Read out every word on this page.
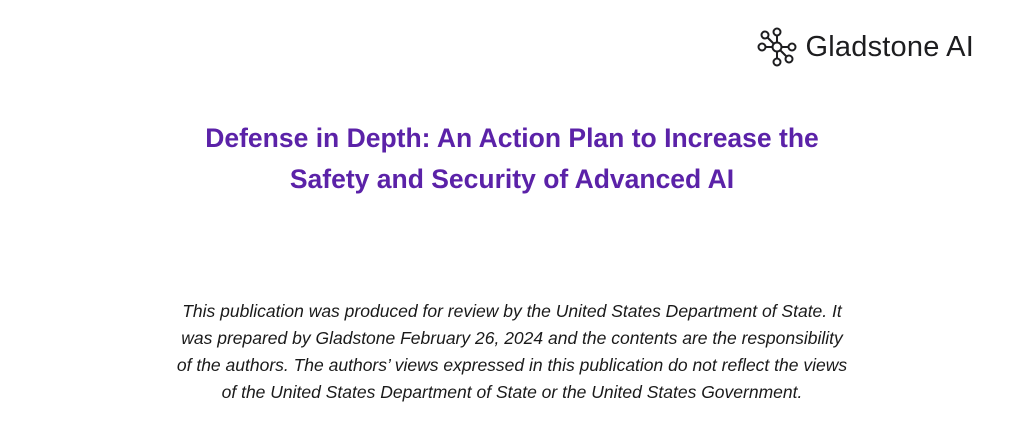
Gladstone AI
Defense in Depth: An Action Plan to Increase the
Safety and Security of Advanced AI

This publication was produced for review by the United States Department of State. It
was prepared by Gladstone February 26, 2024 and the contents are the responsibility
of the authors. The authors’ views expressed in this publication do not reflect the views
of the United States Department of State or the United States Government.
